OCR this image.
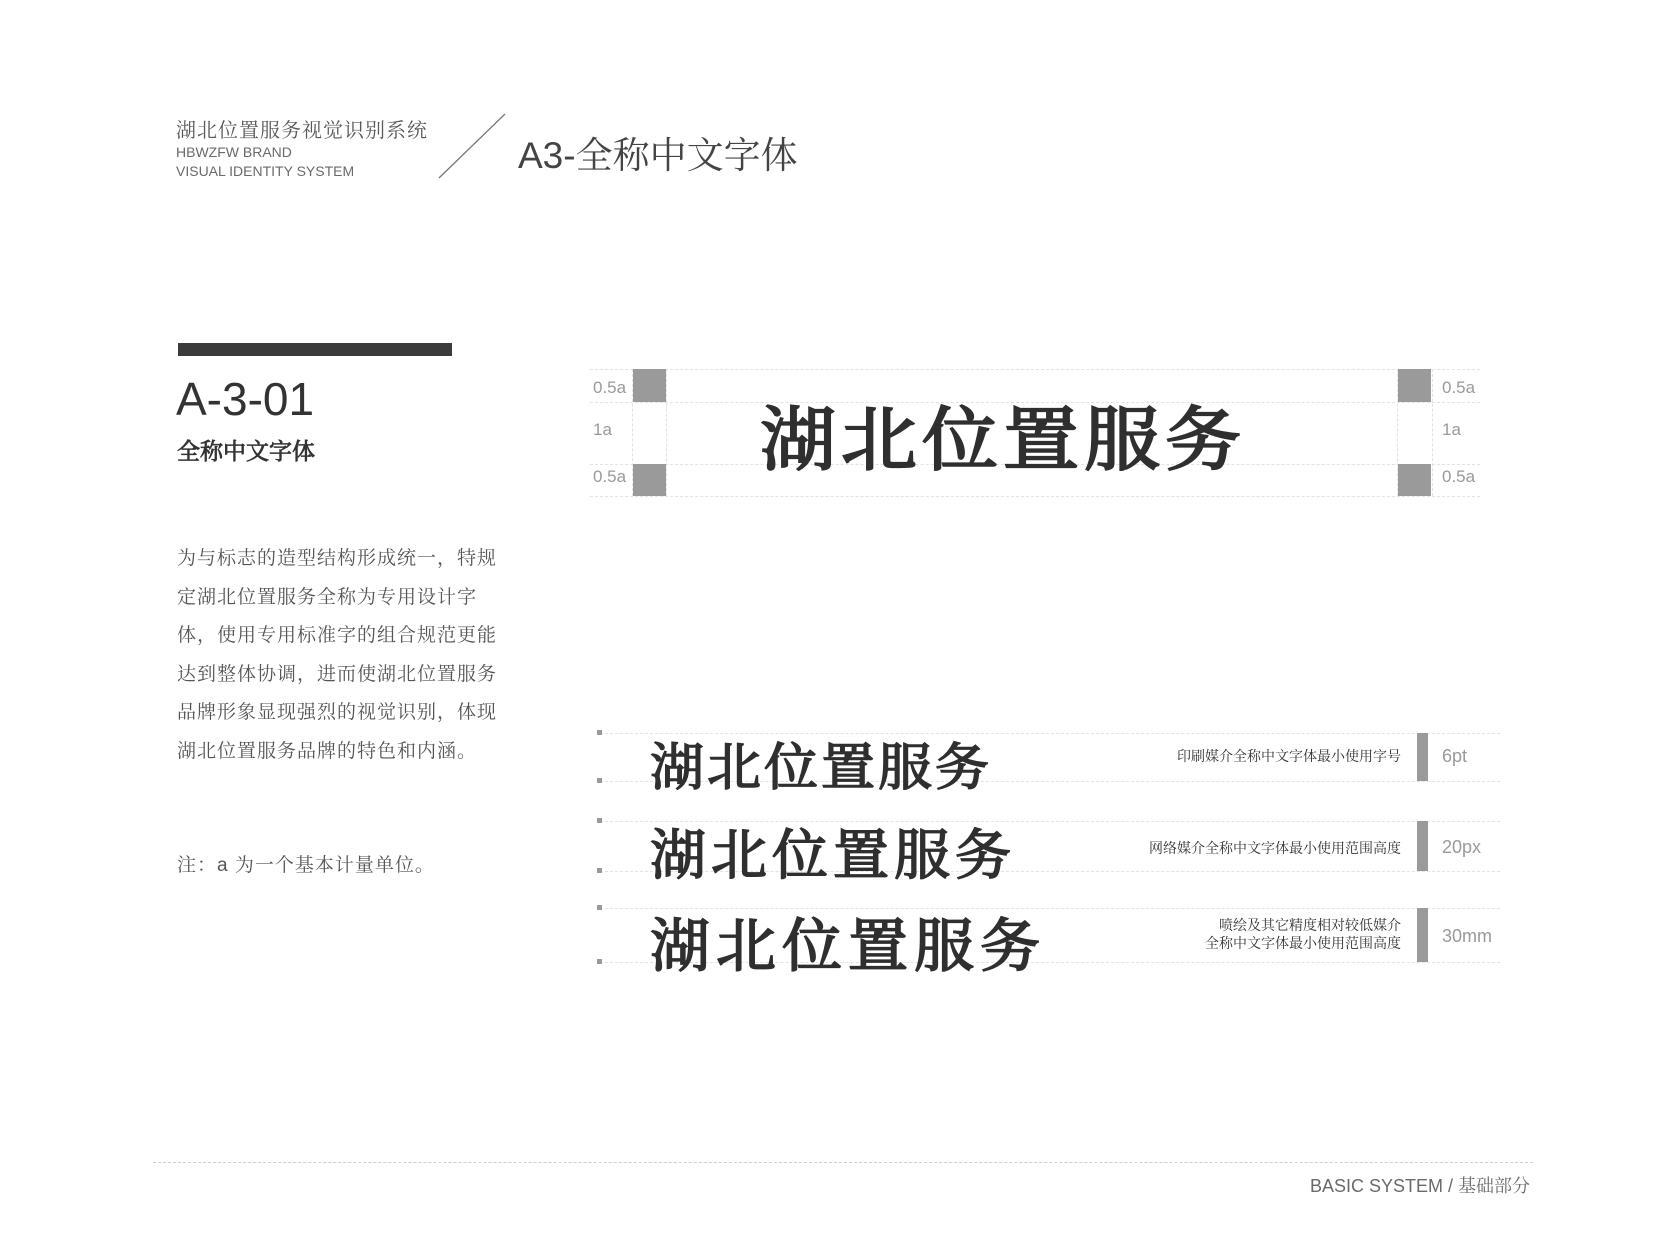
湖北位置服务视觉识别系统
HBWZFW BRAND
VISUAL IDENTITY SYSTEM	A3-全称中文字体
A-3-01
全称中文字体
为与标志的造型结构形成统一，特规定湖北位置服务全称为专用设计字体，使用专用标准字的组合规范更能达到整体协调，进而使湖北位置服务品牌形象显现强烈的视觉识别，体现湖北位置服务品牌的特色和内涵。
注：a 为一个基本计量单位。
0.5a
1a
0.5a
0.5a
1a
0.5a
湖北位置服务
湖北位置服务	印刷媒介全称中文字体最小使用字号 6pt
湖北位置服务	网络媒介全称中文字体最小使用范围高度 20px
湖北位置服务	喷绘及其它精度相对较低媒介
全称中文字体最小使用范围高度 30mm
BASIC SYSTEM / 基础部分
